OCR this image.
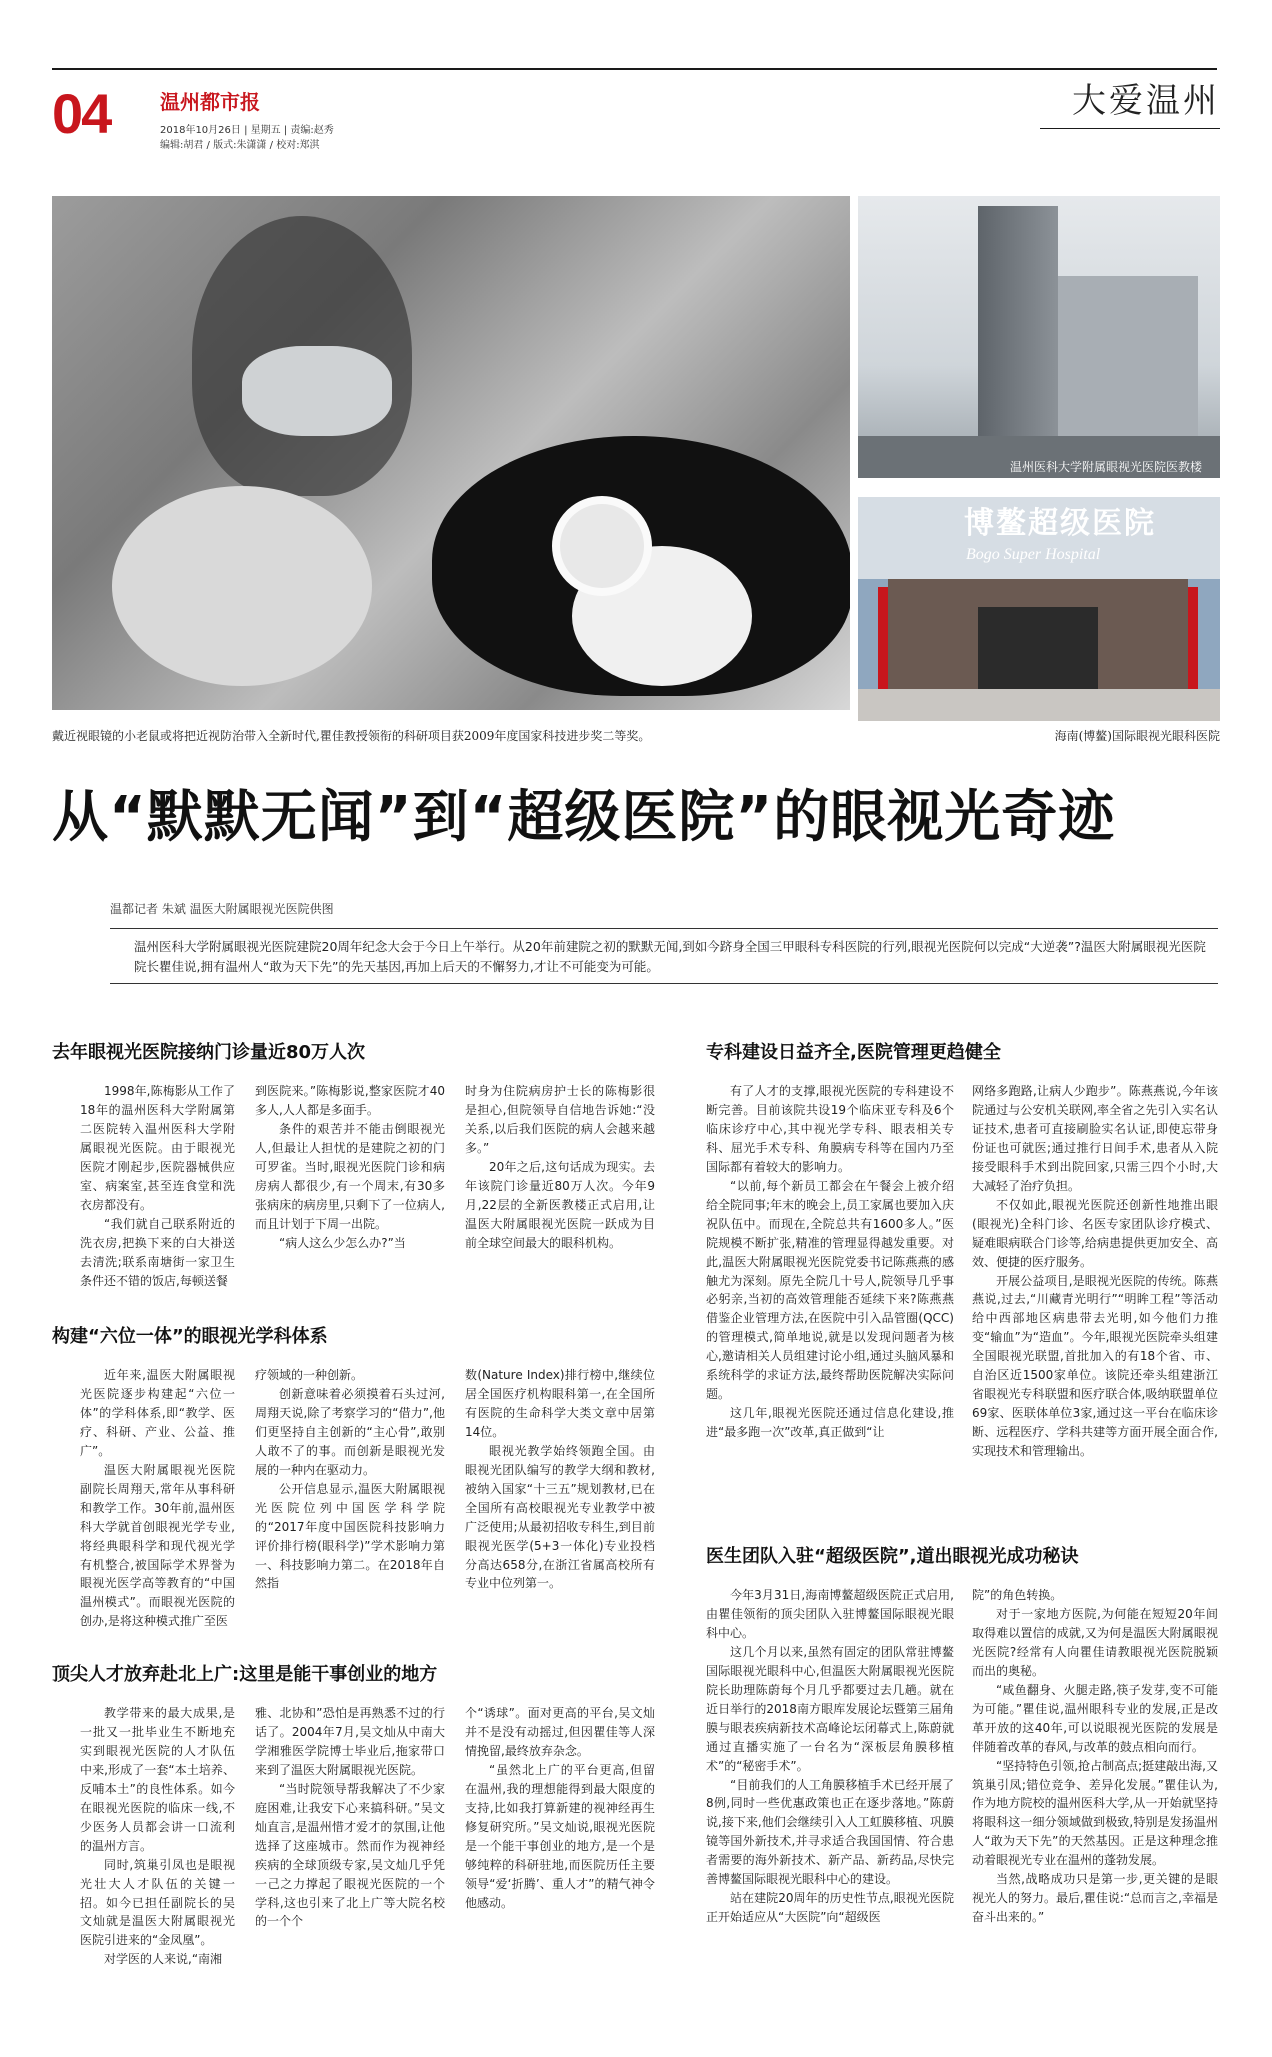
04 温州都市报
2018年10月26日 | 星期五 | 责编:赵秀
编辑:胡君 / 版式:朱潇潇 / 校对:郑淇
大爱温州
温州医科大学附属眼视光医院医教楼
博鳌超级医院
Bogo Super Hospital
戴近视眼镜的小老鼠或将把近视防治带入全新时代,瞿佳教授领衔的科研项目获2009年度国家科技进步奖二等奖。	海南(博鳌)国际眼视光眼科医院
从“默默无闻”到“超级医院”的眼视光奇迹
温都记者 朱斌 温医大附属眼视光医院供图
温州医科大学附属眼视光医院建院20周年纪念大会于今日上午举行。从20年前建院之初的默默无闻,到如今跻身全国三甲眼科专科医院的行列,眼视光医院何以完成“大逆袭”?温医大附属眼视光医院院长瞿佳说,拥有温州人“敢为天下先”的先天基因,再加上后天的不懈努力,才让不可能变为可能。
去年眼视光医院接纳门诊量近80万人次

1998年,陈梅影从工作了18年的温州医科大学附属第二医院转入温州医科大学附属眼视光医院。由于眼视光医院才刚起步,医院器械供应室、病案室,甚至连食堂和洗衣房都没有。

“我们就自己联系附近的洗衣房,把换下来的白大褂送去清洗;联系南塘街一家卫生条件还不错的饭店,每顿送餐

到医院来。”陈梅影说,整家医院才40多人,人人都是多面手。

条件的艰苦并不能击倒眼视光人,但最让人担忧的是建院之初的门可罗雀。当时,眼视光医院门诊和病房病人都很少,有一个周末,有30多张病床的病房里,只剩下了一位病人,而且计划于下周一出院。

“病人这么少怎么办?”当

时身为住院病房护士长的陈梅影很是担心,但院领导自信地告诉她:“没关系,以后我们医院的病人会越来越多。”

20年之后,这句话成为现实。去年该院门诊量近80万人次。今年9月,22层的全新医教楼正式启用,让温医大附属眼视光医院一跃成为目前全球空间最大的眼科机构。

构建“六位一体”的眼视光学科体系

近年来,温医大附属眼视光医院逐步构建起“六位一体”的学科体系,即“教学、医疗、科研、产业、公益、推广”。

温医大附属眼视光医院副院长周翔天,常年从事科研和教学工作。30年前,温州医科大学就首创眼视光学专业,将经典眼科学和现代视光学有机整合,被国际学术界誉为眼视光医学高等教育的“中国温州模式”。而眼视光医院的创办,是将这种模式推广至医

疗领域的一种创新。

创新意味着必须摸着石头过河,周翔天说,除了考察学习的“借力”,他们更坚持自主创新的“主心骨”,敢别人敢不了的事。而创新是眼视光发展的一种内在驱动力。

公开信息显示,温医大附属眼视光医院位列中国医学科学院的“2017年度中国医院科技影响力评价排行榜(眼科学)”学术影响力第一、科技影响力第二。在2018年自然指

数(Nature Index)排行榜中,继续位居全国医疗机构眼科第一,在全国所有医院的生命科学大类文章中居第14位。

眼视光教学始终领跑全国。由眼视光团队编写的教学大纲和教材,被纳入国家“十三五”规划教材,已在全国所有高校眼视光专业教学中被广泛使用;从最初招收专科生,到目前眼视光医学(5+3一体化)专业投档分高达658分,在浙江省属高校所有专业中位列第一。

顶尖人才放弃赴北上广:这里是能干事创业的地方

教学带来的最大成果,是一批又一批毕业生不断地充实到眼视光医院的人才队伍中来,形成了一套“本土培养、反哺本土”的良性体系。如今在眼视光医院的临床一线,不少医务人员都会讲一口流利的温州方言。

同时,筑巢引凤也是眼视光壮大人才队伍的关键一招。如今已担任副院长的吴文灿就是温医大附属眼视光医院引进来的“金凤凰”。

对学医的人来说,“南湘

雅、北协和”恐怕是再熟悉不过的行话了。2004年7月,吴文灿从中南大学湘雅医学院博士毕业后,拖家带口来到了温医大附属眼视光医院。

“当时院领导帮我解决了不少家庭困难,让我安下心来搞科研。”吴文灿直言,是温州惜才爱才的氛围,让他选择了这座城市。然而作为视神经疾病的全球顶级专家,吴文灿几乎凭一己之力撑起了眼视光医院的一个学科,这也引来了北上广等大院名校的一个个

个“诱球”。面对更高的平台,吴文灿并不是没有动摇过,但因瞿佳等人深情挽留,最终放弃杂念。

“虽然北上广的平台更高,但留在温州,我的理想能得到最大限度的支持,比如我打算新建的视神经再生修复研究所。”吴文灿说,眼视光医院是一个能干事创业的地方,是一个是够纯粹的科研驻地,而医院历任主要领导“爱‘折腾’、重人才”的精气神令他感动。

专科建设日益齐全,医院管理更趋健全

有了人才的支撑,眼视光医院的专科建设不断完善。目前该院共设19个临床亚专科及6个临床诊疗中心,其中视光学专科、眼表相关专科、屈光手术专科、角膜病专科等在国内乃至国际都有着较大的影响力。

“以前,每个新员工都会在午餐会上被介绍给全院同事;年末的晚会上,员工家属也要加入庆祝队伍中。而现在,全院总共有1600多人。”医院规模不断扩张,精准的管理显得越发重要。对此,温医大附属眼视光医院党委书记陈燕燕的感触尤为深刻。原先全院几十号人,院领导几乎事必躬亲,当初的高效管理能否延续下来?陈燕燕借鉴企业管理方法,在医院中引入品管圈(QCC)的管理模式,简单地说,就是以发现问题者为核心,邀请相关人员组建讨论小组,通过头脑风暴和系统科学的求证方法,最终帮助医院解决实际问题。

这几年,眼视光医院还通过信息化建设,推进“最多跑一次”改革,真正做到“让

网络多跑路,让病人少跑步”。陈燕燕说,今年该院通过与公安机关联网,率全省之先引入实名认证技术,患者可直接刷脸实名认证,即使忘带身份证也可就医;通过推行日间手术,患者从入院接受眼科手术到出院回家,只需三四个小时,大大减轻了治疗负担。

不仅如此,眼视光医院还创新性地推出眼(眼视光)全科门诊、名医专家团队诊疗模式、疑难眼病联合门诊等,给病患提供更加安全、高效、便捷的医疗服务。

开展公益项目,是眼视光医院的传统。陈燕燕说,过去,“川藏青光明行”“明眸工程”等活动给中西部地区病患带去光明,如今他们力推变“输血”为“造血”。今年,眼视光医院牵头组建全国眼视光联盟,首批加入的有18个省、市、自治区近1500家单位。该院还牵头组建浙江省眼视光专科联盟和医疗联合体,吸纳联盟单位69家、医联体单位3家,通过这一平台在临床诊断、远程医疗、学科共建等方面开展全面合作,实现技术和管理输出。

医生团队入驻“超级医院”,道出眼视光成功秘诀

今年3月31日,海南博鳌超级医院正式启用,由瞿佳领衔的顶尖团队入驻博鳌国际眼视光眼科中心。

这几个月以来,虽然有固定的团队常驻博鳌国际眼视光眼科中心,但温医大附属眼视光医院院长助理陈蔚每个月几乎都要过去几趟。就在近日举行的2018南方眼库发展论坛暨第三届角膜与眼表疾病新技术高峰论坛闭幕式上,陈蔚就通过直播实施了一台名为“深板层角膜移植术”的“秘密手术”。

“目前我们的人工角膜移植手术已经开展了8例,同时一些优惠政策也正在逐步落地。”陈蔚说,接下来,他们会继续引入人工虹膜移植、巩膜镜等国外新技术,并寻求适合我国国情、符合患者需要的海外新技术、新产品、新药品,尽快完善博鳌国际眼视光眼科中心的建设。

站在建院20周年的历史性节点,眼视光医院正开始适应从“大医院”向“超级医

院”的角色转换。

对于一家地方医院,为何能在短短20年间取得难以置信的成就,又为何是温医大附属眼视光医院?经常有人向瞿佳请教眼视光医院脱颖而出的奥秘。

“咸鱼翻身、火腿走路,筷子发芽,变不可能为可能。”瞿佳说,温州眼科专业的发展,正是改革开放的这40年,可以说眼视光医院的发展是伴随着改革的春风,与改革的鼓点相向而行。

“坚持特色引领,抢占制高点;挺建敲出海,又筑巢引凤;错位竞争、差异化发展。”瞿佳认为,作为地方院校的温州医科大学,从一开始就坚持将眼科这一细分领域做到极致,特别是发扬温州人“敢为天下先”的天然基因。正是这种理念推动着眼视光专业在温州的蓬勃发展。

当然,战略成功只是第一步,更关键的是眼视光人的努力。最后,瞿佳说:“总而言之,幸福是奋斗出来的。”
